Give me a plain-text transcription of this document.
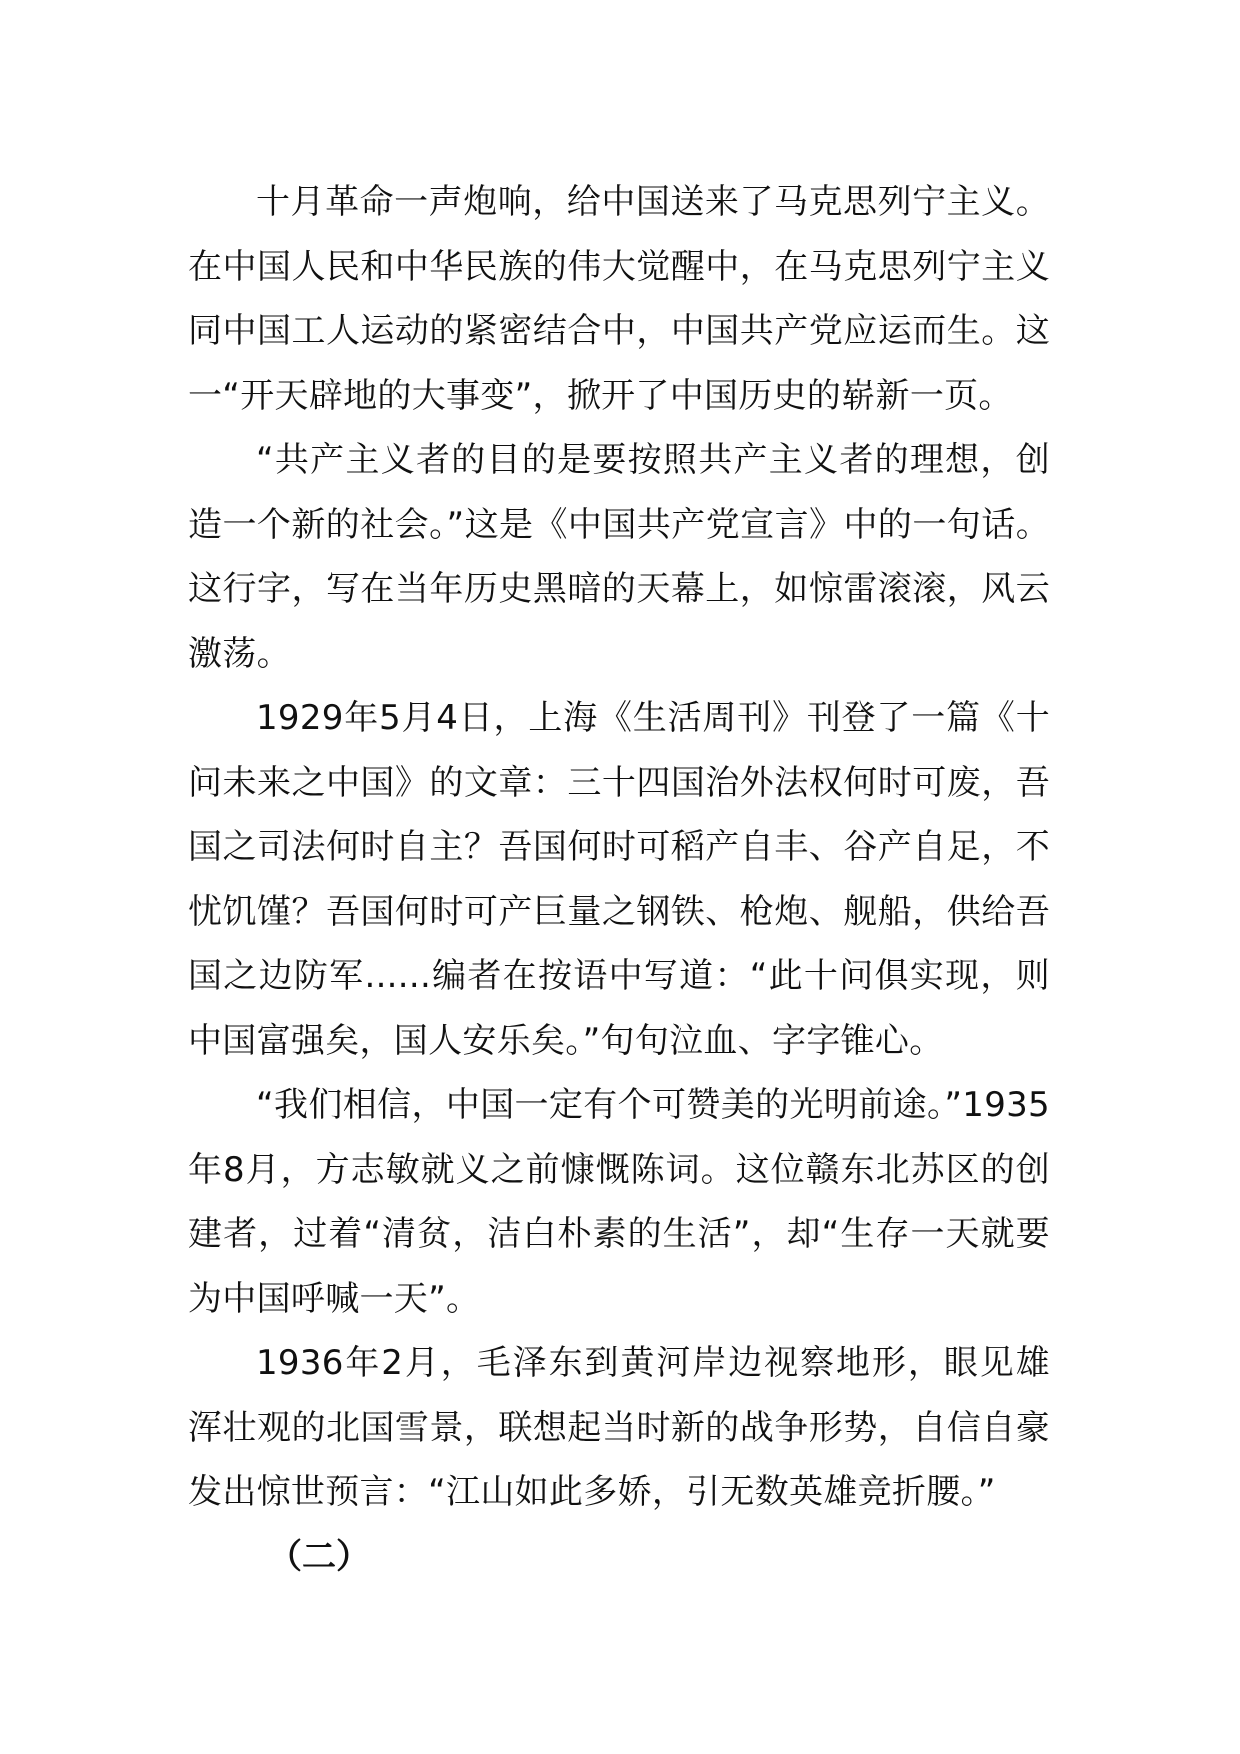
十月革命一声炮响，给中国送来了马克思列宁主义。在中国人民和中华民族的伟大觉醒中，在马克思列宁主义同中国工人运动的紧密结合中，中国共产党应运而生。这一“开天辟地的大事变”，掀开了中国历史的崭新一页。

“共产主义者的目的是要按照共产主义者的理想，创造一个新的社会。”这是《中国共产党宣言》中的一句话。这行字，写在当年历史黑暗的天幕上，如惊雷滚滚，风云激荡。

1929年5月4日，上海《生活周刊》刊登了一篇《十问未来之中国》的文章：三十四国治外法权何时可废，吾国之司法何时自主？吾国何时可稻产自丰、谷产自足，不忧饥馑？吾国何时可产巨量之钢铁、枪炮、舰船，供给吾国之边防军......编者在按语中写道：“此十问俱实现，则中国富强矣，国人安乐矣。”句句泣血、字字锥心。

“我们相信，中国一定有个可赞美的光明前途。”1935年8月，方志敏就义之前慷慨陈词。这位赣东北苏区的创建者，过着“清贫，洁白朴素的生活”，却“生存一天就要为中国呼喊一天”。

1936年2月，毛泽东到黄河岸边视察地形，眼见雄浑壮观的北国雪景，联想起当时新的战争形势，自信自豪发出惊世预言：“江山如此多娇，引无数英雄竞折腰。”

（二）
